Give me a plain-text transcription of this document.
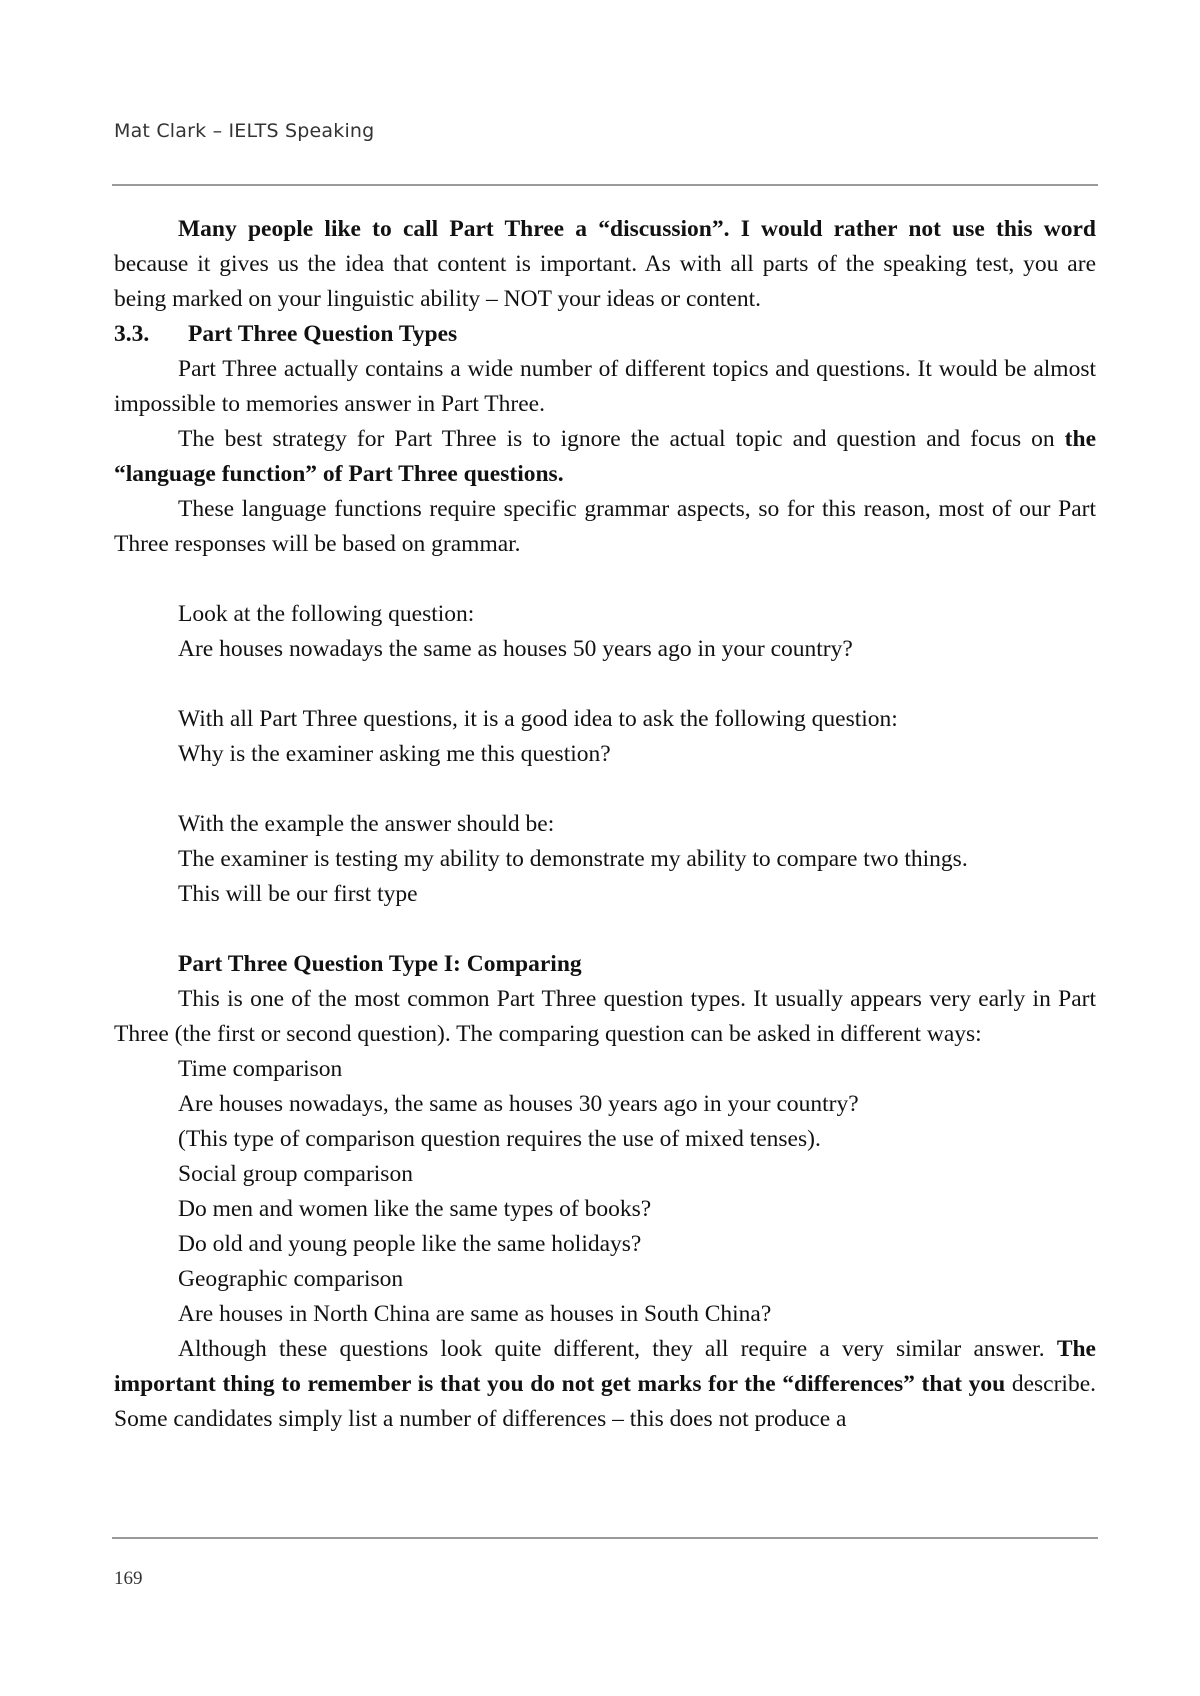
Mat Clark – IELTS Speaking

Many people like to call Part Three a “discussion”. I would rather not use this word because it gives us the idea that content is important. As with all parts of the speaking test, you are being marked on your linguistic ability – NOT your ideas or content.

3.3. Part Three Question Types

Part Three actually contains a wide number of different topics and questions. It would be almost impossible to memories answer in Part Three.

The best strategy for Part Three is to ignore the actual topic and question and focus on the “language function” of Part Three questions.

These language functions require specific grammar aspects, so for this reason, most of our Part Three responses will be based on grammar.

Look at the following question:

Are houses nowadays the same as houses 50 years ago in your country?

With all Part Three questions, it is a good idea to ask the following question:

Why is the examiner asking me this question?

With the example the answer should be:

The examiner is testing my ability to demonstrate my ability to compare two things.

This will be our first type

Part Three Question Type I: Comparing

This is one of the most common Part Three question types. It usually appears very early in Part Three (the first or second question). The comparing question can be asked in different ways:

Time comparison

Are houses nowadays, the same as houses 30 years ago in your country?

(This type of comparison question requires the use of mixed tenses).

Social group comparison

Do men and women like the same types of books?

Do old and young people like the same holidays?

Geographic comparison

Are houses in North China are same as houses in South China?

Although these questions look quite different, they all require a very similar answer. The important thing to remember is that you do not get marks for the “differences” that you describe. Some candidates simply list a number of differences – this does not produce a

169
